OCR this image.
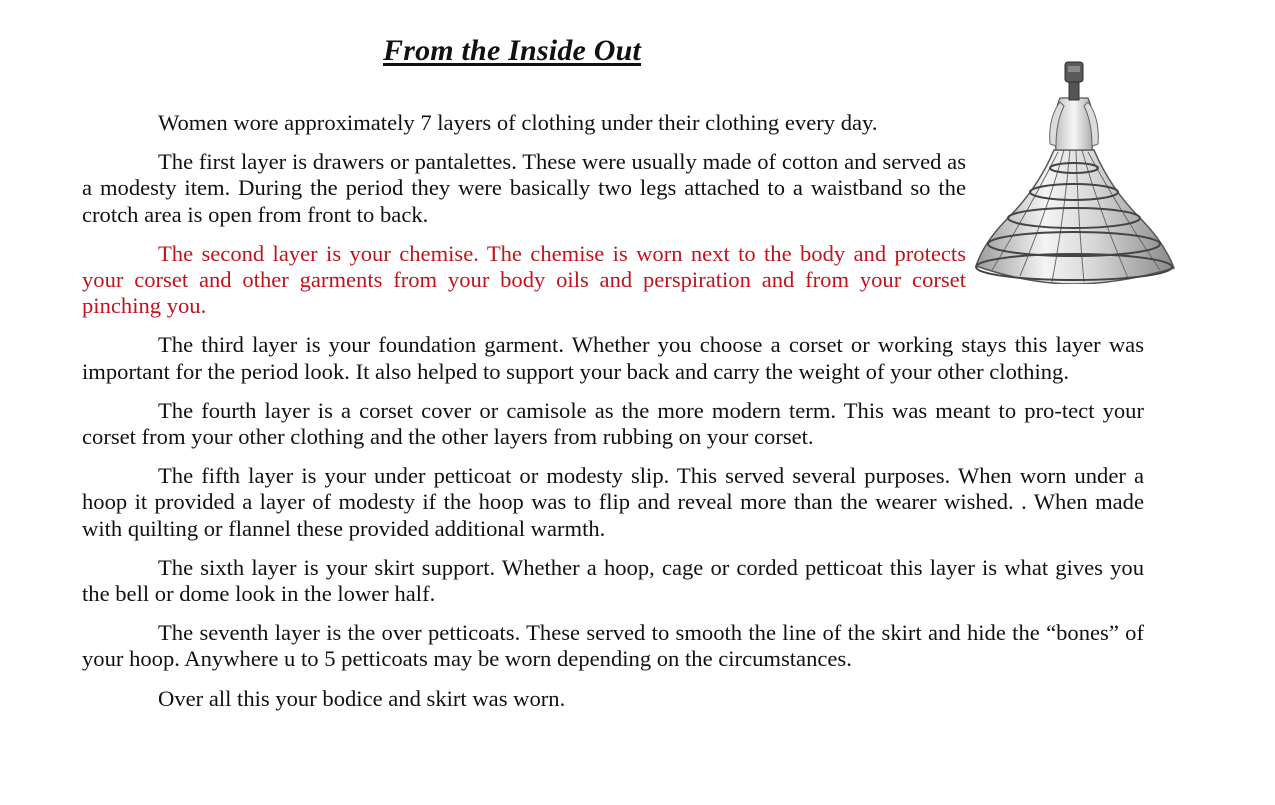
From the Inside Out

Women wore approximately 7 layers of clothing under their clothing every day.

The first layer is drawers or pantalettes. These were usually made of cotton and served as a modesty item. During the period they were basically two legs attached to a waistband so the crotch area is open from front to back.

The second layer is your chemise. The chemise is worn next to the body and protects your corset and other garments from your body oils and perspiration and from your corset pinching you.

The third layer is your foundation garment. Whether you choose a corset or working stays this layer was important for the period look. It also helped to support your back and carry the weight of your other clothing.

The fourth layer is a corset cover or camisole as the more modern term. This was meant to pro-tect your corset from your other clothing and the other layers from rubbing on your corset.

The fifth layer is your under petticoat or modesty slip. This served several purposes. When worn under a hoop it provided a layer of modesty if the hoop was to flip and reveal more than the wearer wished. . When made with quilting or flannel these provided additional warmth.

The sixth layer is your skirt support. Whether a hoop, cage or corded petticoat this layer is what gives you the bell or dome look in the lower half.

The seventh layer is the over petticoats. These served to smooth the line of the skirt and hide the “bones” of your hoop. Anywhere u to 5 petticoats may be worn depending on the circumstances.

Over all this your bodice and skirt was worn.
